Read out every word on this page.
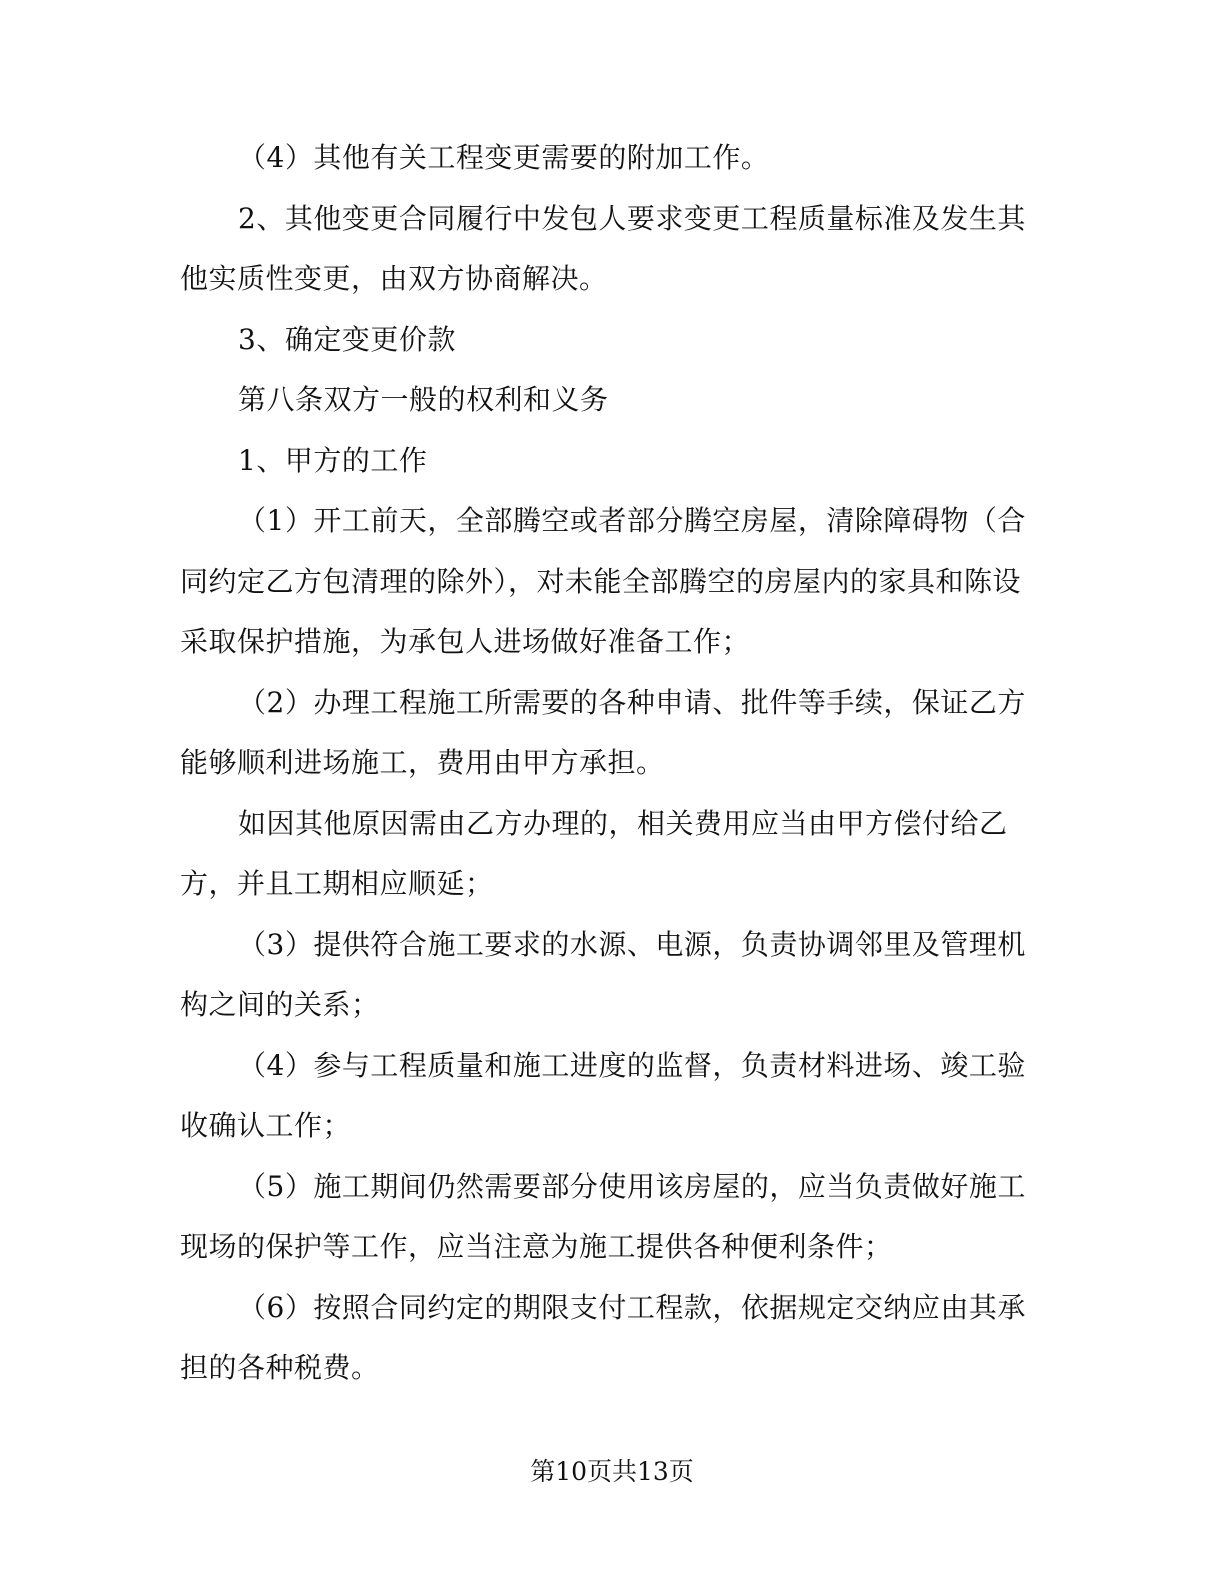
（4）其他有关工程变更需要的附加工作。

2、其他变更合同履行中发包人要求变更工程质量标准及发生其他实质性变更，由双方协商解决。

3、确定变更价款

第八条双方一般的权利和义务

1、甲方的工作

（1）开工前天，全部腾空或者部分腾空房屋，清除障碍物（合同约定乙方包清理的除外），对未能全部腾空的房屋内的家具和陈设采取保护措施，为承包人进场做好准备工作；

（2）办理工程施工所需要的各种申请、批件等手续，保证乙方能够顺利进场施工，费用由甲方承担。

如因其他原因需由乙方办理的，相关费用应当由甲方偿付给乙方，并且工期相应顺延；

（3）提供符合施工要求的水源、电源，负责协调邻里及管理机构之间的关系；

（4）参与工程质量和施工进度的监督，负责材料进场、竣工验收确认工作；

（5）施工期间仍然需要部分使用该房屋的，应当负责做好施工现场的保护等工作，应当注意为施工提供各种便利条件；

（6）按照合同约定的期限支付工程款，依据规定交纳应由其承担的各种税费。

第10页共13页
